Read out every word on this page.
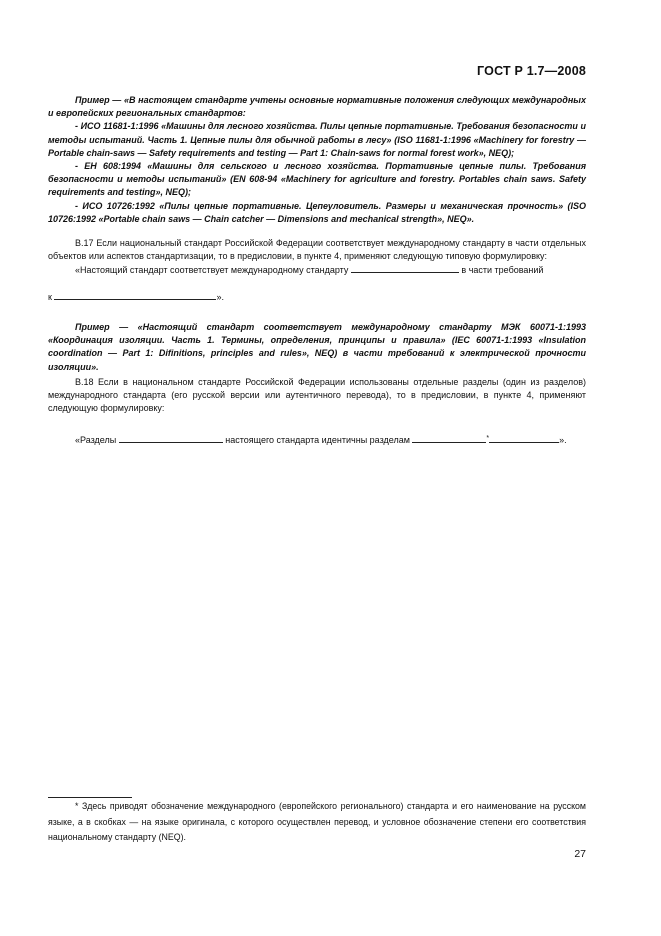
ГОСТ Р 1.7—2008

Пример — «В настоящем стандарте учтены основные нормативные положения следующих международных и европейских региональных стандартов:

- ИСО 11681-1:1996 «Машины для лесного хозяйства. Пилы цепные портативные. Требования безопасности и методы испытаний. Часть 1. Цепные пилы для обычной работы в лесу» (ISO 11681-1:1996 «Machinery for forestry — Portable chain-saws — Safety requirements and testing — Part 1: Chain-saws for normal forest work», NEQ);

- ЕН 608:1994 «Машины для сельского и лесного хозяйства. Портативные цепные пилы. Требования безопасности и методы испытаний» (EN 608-94 «Machinery for agriculture and forestry. Portables chain saws. Safety requirements and testing», NEQ);

- ИСО 10726:1992 «Пилы цепные портативные. Цепеуловитель. Размеры и механическая прочность» (ISO 10726:1992 «Portable chain saws — Chain catcher — Dimensions and mechanical strength», NEQ».

В.17 Если национальный стандарт Российской Федерации соответствует международному стандарту в части отдельных объектов или аспектов стандартизации, то в предисловии, в пункте 4, применяют следующую типовую формулировку:

«Настоящий стандарт соответствует международному стандарту	в части требований

к	».

Пример — «Настоящий стандарт соответствует международному стандарту МЭК 60071-1:1993 «Координация изоляции. Часть 1. Термины, определения, принципы и правила» (IEC 60071-1:1993 «Insulation coordination — Part 1: Difinitions, principles and rules», NEQ) в части требований к электрической прочности изоляции».

В.18 Если в национальном стандарте Российской Федерации использованы отдельные разделы (один из разделов) международного стандарта (его русской версии или аутентичного перевода), то в предисловии, в пункте 4, применяют следующую формулировку:

«Разделы	настоящего стандарта идентичны разделам	*	».

* Здесь приводят обозначение международного (европейского регионального) стандарта и его наименование на русском языке, а в скобках — на языке оригинала, с которого осуществлен перевод, и условное обозначение степени его соответствия национальному стандарту (NEQ).

27
